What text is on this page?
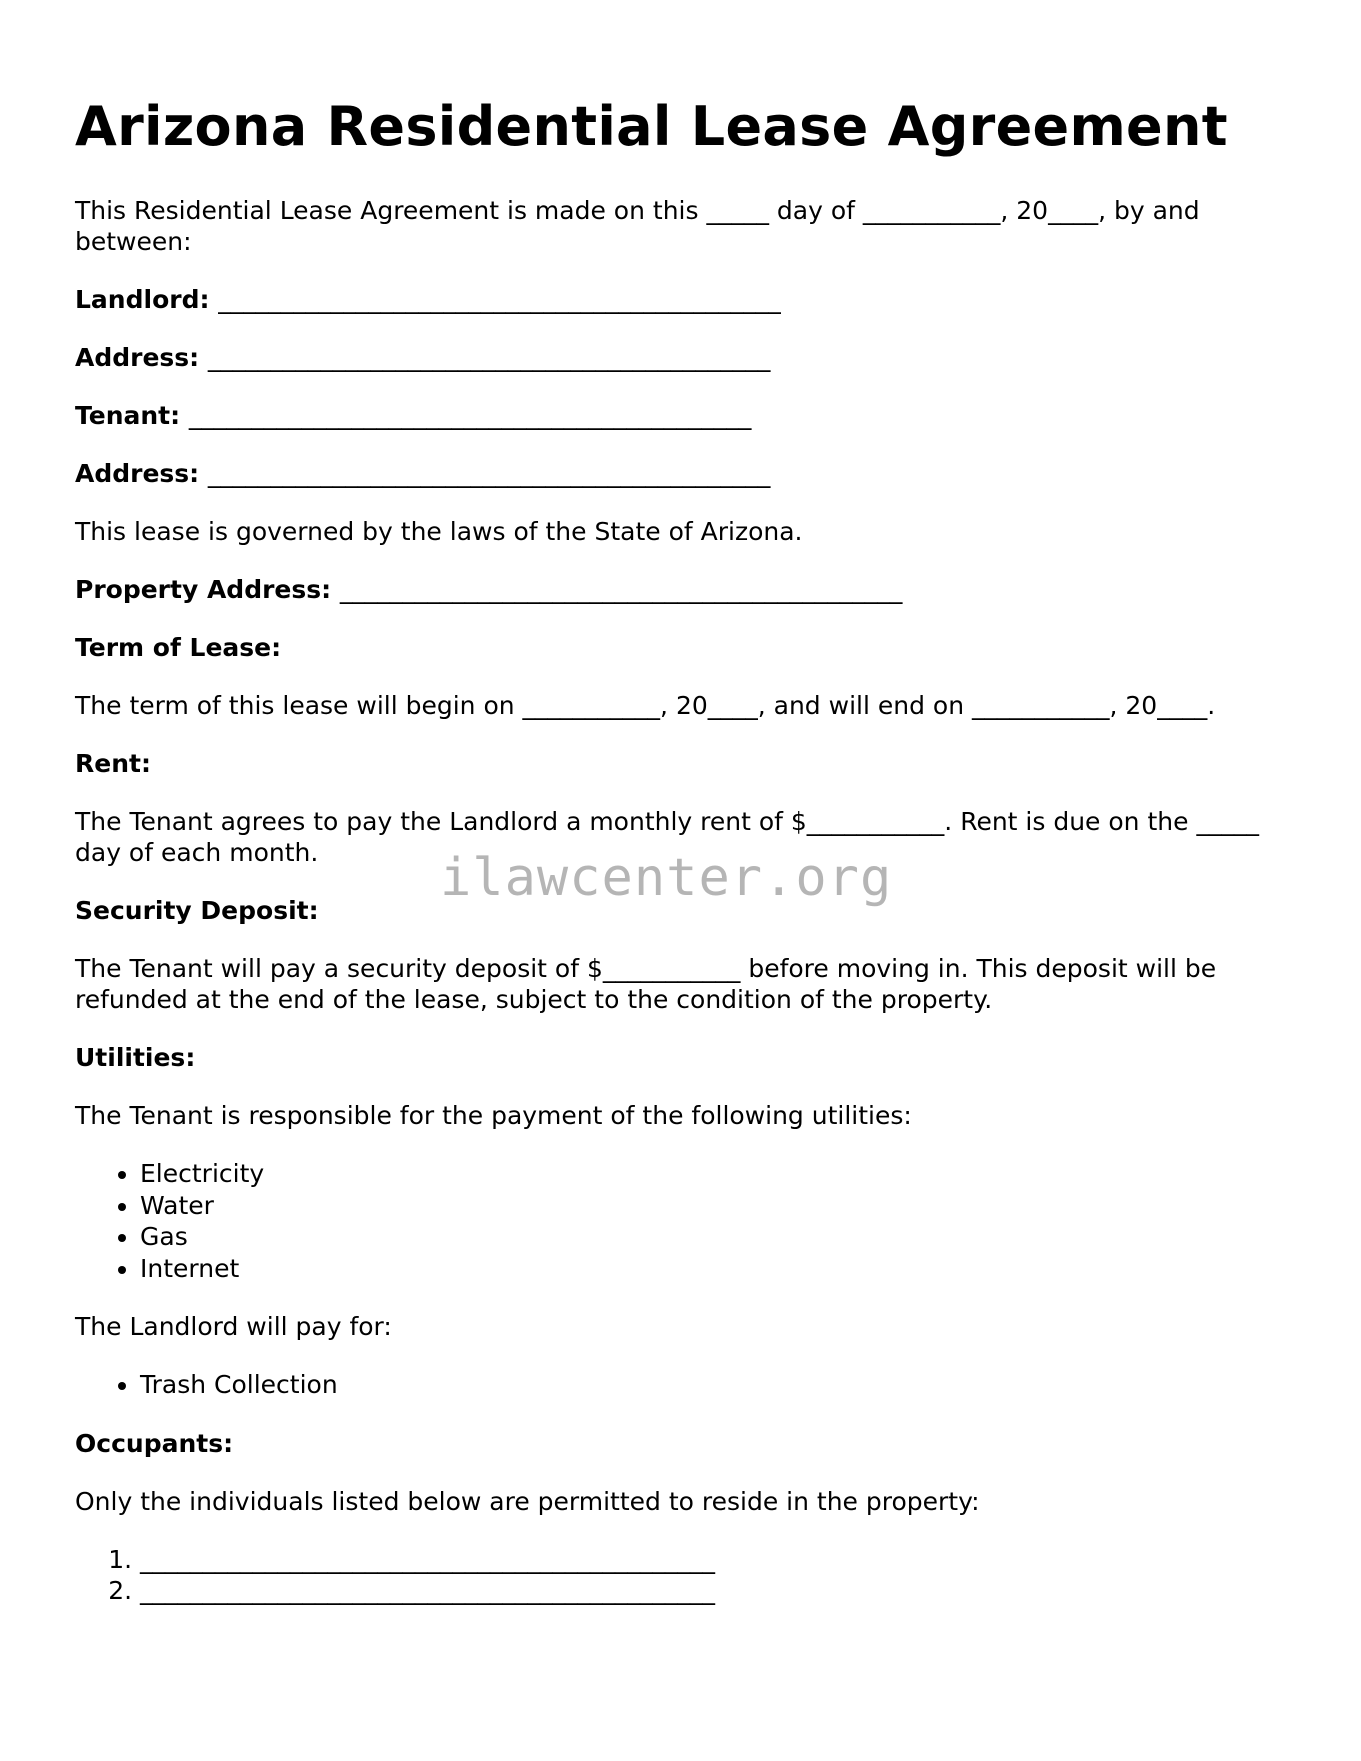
Arizona Residential Lease Agreement

This Residential Lease Agreement is made on this _____ day of ___________, 20____, by and between:

Landlord: _____________________________________________

Address: _____________________________________________

Tenant: _____________________________________________

Address: _____________________________________________

This lease is governed by the laws of the State of Arizona.

Property Address: _____________________________________________

Term of Lease:

The term of this lease will begin on ___________, 20____, and will end on ___________, 20____.

Rent:

The Tenant agrees to pay the Landlord a monthly rent of $___________. Rent is due on the _____ day of each month.

Security Deposit:

The Tenant will pay a security deposit of $___________ before moving in. This deposit will be refunded at the end of the lease, subject to the condition of the property.

Utilities:

The Tenant is responsible for the payment of the following utilities:

• Electricity
• Water
• Gas
• Internet

The Landlord will pay for:

• Trash Collection

Occupants:

Only the individuals listed below are permitted to reside in the property:

1. ______________________________________________
2. ______________________________________________
ilawcenter.org
